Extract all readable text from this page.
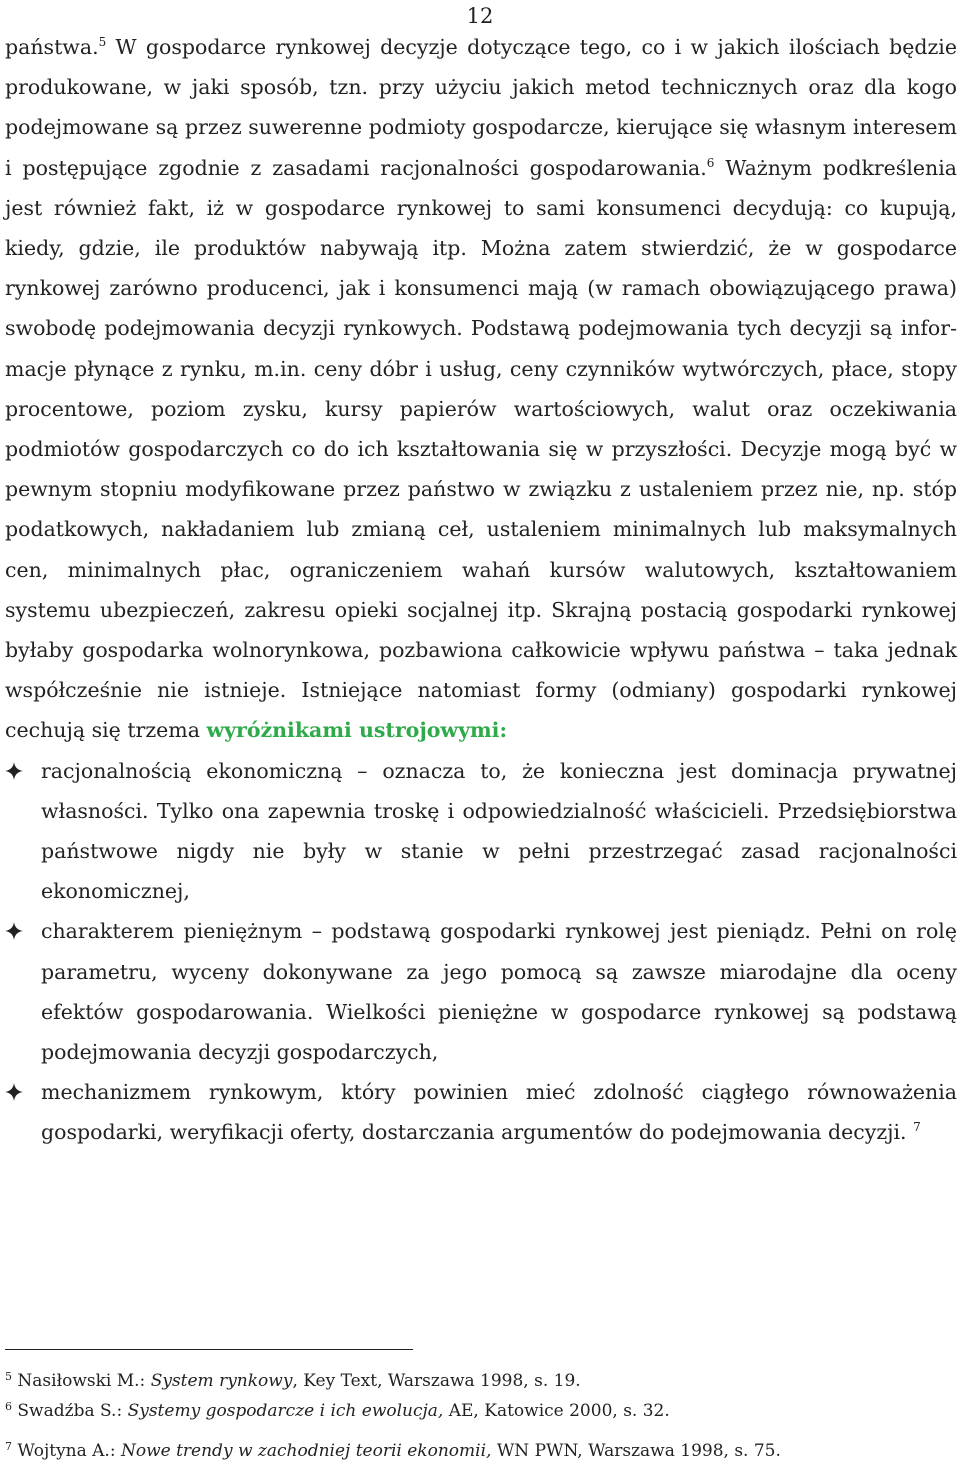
12

państwa.$^5$ W gospodarce rynkowej decyzje dotyczące tego, co i w jakich ilościach będzie produkowane, w jaki sposób, tzn. przy użyciu jakich metod technicznych oraz dla kogo podejmowane są przez suwerenne podmioty gospodarcze, kierujące się własnym interesem i postępujące zgodnie z zasadami racjonalności gospodarowania.$^6$ Ważnym podkreślenia jest również fakt, iż w gospodarce rynkowej to sami konsumenci decydują: co kupują, kiedy, gdzie, ile produktów nabywają itp. Można zatem stwierdzić, że w gospodarce rynkowej zarówno producenci, jak i konsumenci mają (w ramach obowiązującego prawa) swobodę podejmowania decyzji rynkowych. Podstawą podejmowania tych decyzji są informacje płynące z rynku, m.in. ceny dóbr i usług, ceny czynników wytwórczych, płace, stopy procentowe, poziom zysku, kursy papierów wartościowych, walut oraz oczekiwania podmiotów gospodarczych co do ich kształtowania się w przyszłości. Decyzje mogą być w pewnym stopniu modyfikowane przez państwo w związku z ustaleniem przez nie, np. stóp podatkowych, nakładaniem lub zmianą ceł, ustaleniem minimalnych lub maksymalnych cen, minimalnych płac, ograniczeniem wahań kursów walutowych, kształtowaniem systemu ubezpieczeń, zakresu opieki socjalnej itp. Skrajną postacią gospodarki rynkowej byłaby gospodarka wolnorynkowa, pozbawiona całkowicie wpływu państwa – taka jednak współcześnie nie istnieje. Istniejące natomiast formy (odmiany) gospodarki rynkowej cechują się trzema wyróżnikami ustrojowymi:

racjonalnością ekonomiczną – oznacza to, że konieczna jest dominacja prywatnej własności. Tylko ona zapewnia troskę i odpowiedzialność właścicieli. Przedsiębiorstwa państwowe nigdy nie były w stanie w pełni przestrzegać zasad racjonalności ekonomicznej,
charakterem pieniężnym – podstawą gospodarki rynkowej jest pieniądz. Pełni on rolę parametru, wyceny dokonywane za jego pomocą są zawsze miarodajne dla oceny efektów gospodarowania. Wielkości pieniężne w gospodarce rynkowej są podstawą podejmowania decyzji gospodarczych,
mechanizmem rynkowym, który powinien mieć zdolność ciągłego równoważenia gospodarki, weryfikacji oferty, dostarczania argumentów do podejmowania decyzji. $^7$

$^5$ Nasiłowski M.: System rynkowy, Key Text, Warszawa 1998, s. 19.

$^6$ Swadźba S.: Systemy gospodarcze i ich ewolucja, AE, Katowice 2000, s. 32.

$^7$ Wojtyna A.: Nowe trendy w zachodniej teorii ekonomii, WN PWN, Warszawa 1998, s. 75.
